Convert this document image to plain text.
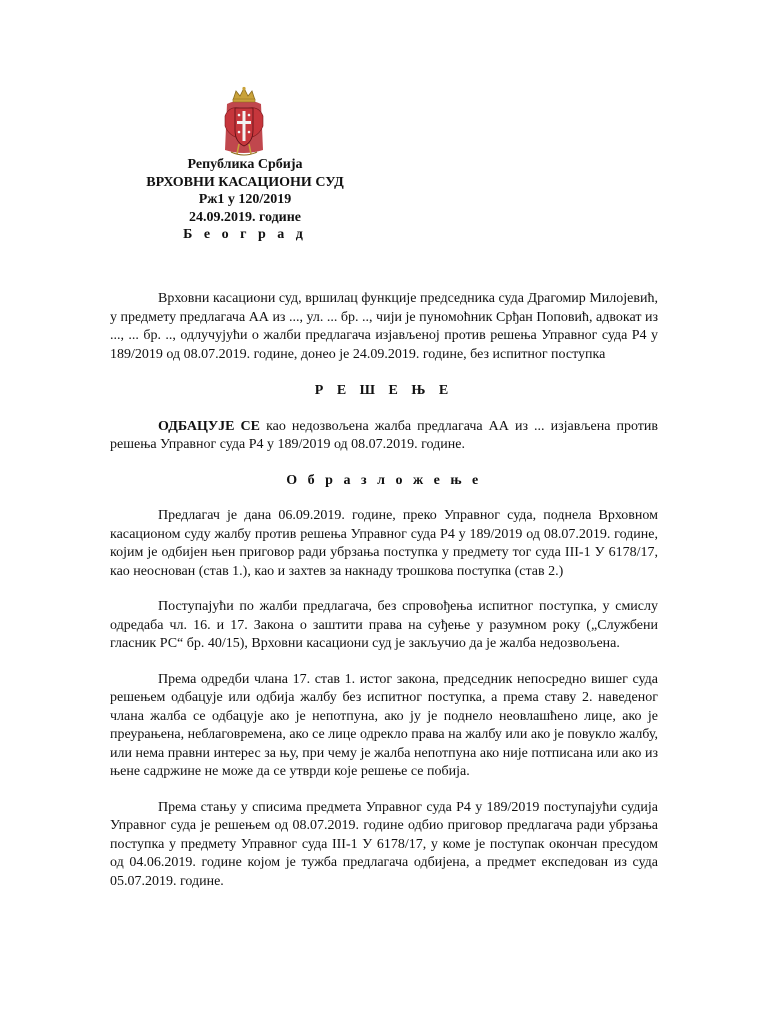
Република Србија
ВРХОВНИ КАСАЦИОНИ СУД
Рж1 у 120/2019
24.09.2019. године
Б е о г р а д

Врховни касациони суд, вршилац функције председника суда Драгомир Милојевић, у предмету предлагача АА из ..., ул. ... бр. .., чији је пуномоћник Срђан Поповић, адвокат из ..., ... бр. .., одлучујући о жалби предлагача изјављеној против решења Управног суда Р4 у 189/2019 од 08.07.2019. године, донео је 24.09.2019. године, без испитног поступка

Р Е Ш Е Њ Е

ОДБАЦУЈЕ СЕ као недозвољена жалба предлагача АА из ... изјављена против решења Управног суда Р4 у 189/2019 од 08.07.2019. године.

О б р а з л о ж е њ е

Предлагач је дана 06.09.2019. године, преко Управног суда, поднела Врховном касационом суду жалбу против решења Управног суда Р4 у 189/2019 од 08.07.2019. године, којим је одбијен њен приговор ради убрзања поступка у предмету тог суда III-1 У 6178/17, као неоснован (став 1.), као и захтев за накнаду трошкова поступка (став 2.)

Поступајући по жалби предлагача, без спровођења испитног поступка, у смислу одредаба чл. 16. и 17. Закона о заштити права на суђење у разумном року („Службени гласник РС“ бр. 40/15), Врховни касациони суд је закључио да је жалба недозвољена.

Према одредби члана 17. став 1. истог закона, председник непосредно вишег суда решењем одбацује или одбија жалбу без испитног поступка, а према ставу 2. наведеног члана жалба се одбацује ако је непотпуна, ако ју је поднело неовлашћено лице, ако је преурањена, неблаговремена, ако се лице одрекло права на жалбу или ако је повукло жалбу, или нема правни интерес за њу, при чему је жалба непотпуна ако није потписана или ако из њене садржине не може да се утврди које решење се побија.

Према стању у списима предмета Управног суда Р4 у 189/2019 поступајући судија Управног суда је решењем од 08.07.2019. године одбио приговор предлагача ради убрзања поступка у предмету Управног суда III-1 У 6178/17, у коме је поступак окончан пресудом од 04.06.2019. године којом је тужба предлагача одбијена, а предмет експедован из суда 05.07.2019. године.
